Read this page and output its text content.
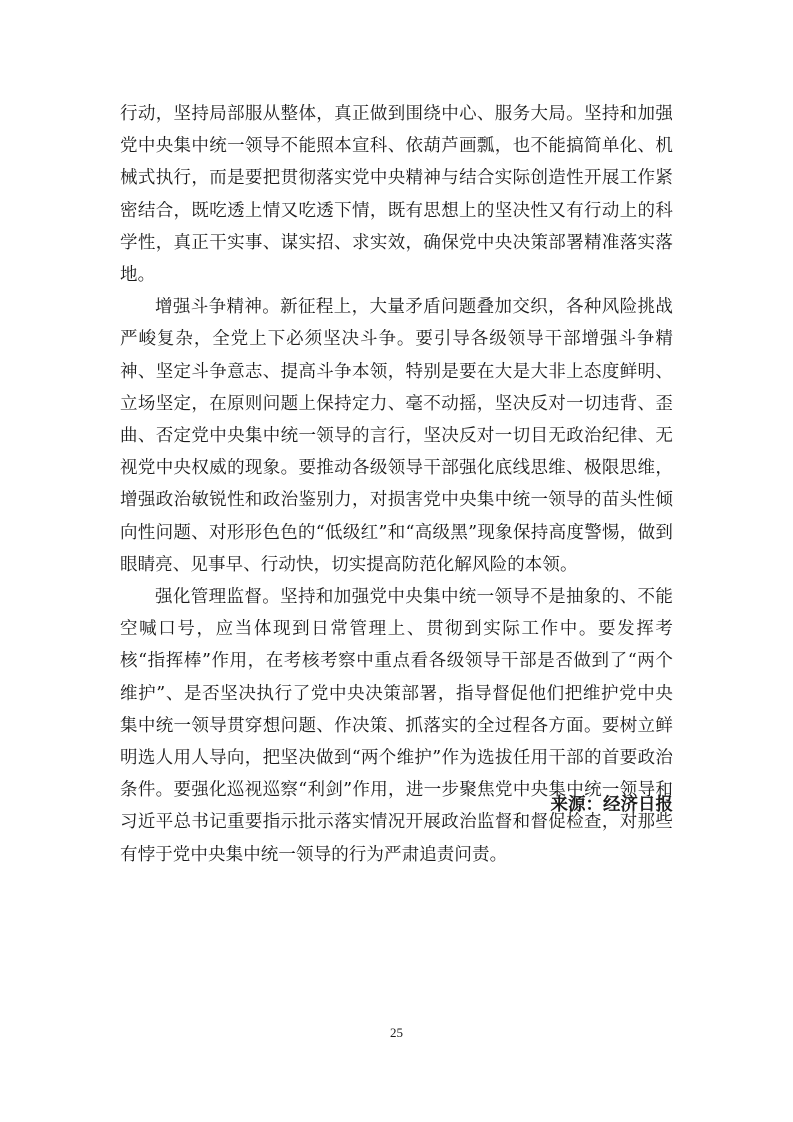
行动，坚持局部服从整体，真正做到围绕中心、服务大局。坚持和加强党中央集中统一领导不能照本宣科、依葫芦画瓢，也不能搞简单化、机械式执行，而是要把贯彻落实党中央精神与结合实际创造性开展工作紧密结合，既吃透上情又吃透下情，既有思想上的坚决性又有行动上的科学性，真正干实事、谋实招、求实效，确保党中央决策部署精准落实落地。

增强斗争精神。新征程上，大量矛盾问题叠加交织，各种风险挑战严峻复杂，全党上下必须坚决斗争。要引导各级领导干部增强斗争精神、坚定斗争意志、提高斗争本领，特别是要在大是大非上态度鲜明、立场坚定，在原则问题上保持定力、毫不动摇，坚决反对一切违背、歪曲、否定党中央集中统一领导的言行，坚决反对一切目无政治纪律、无视党中央权威的现象。要推动各级领导干部强化底线思维、极限思维，增强政治敏锐性和政治鉴别力，对损害党中央集中统一领导的苗头性倾向性问题、对形形色色的“低级红”和“高级黑”现象保持高度警惕，做到眼睛亮、见事早、行动快，切实提高防范化解风险的本领。

强化管理监督。坚持和加强党中央集中统一领导不是抽象的、不能空喊口号，应当体现到日常管理上、贯彻到实际工作中。要发挥考核“指挥棒”作用，在考核考察中重点看各级领导干部是否做到了“两个维护”、是否坚决执行了党中央决策部署，指导督促他们把维护党中央集中统一领导贯穿想问题、作决策、抓落实的全过程各方面。要树立鲜明选人用人导向，把坚决做到“两个维护”作为选拔任用干部的首要政治条件。要强化巡视巡察“利剑”作用，进一步聚焦党中央集中统一领导和习近平总书记重要指示批示落实情况开展政治监督和督促检查，对那些有悖于党中央集中统一领导的行为严肃追责问责。

来源：经济日报
25
